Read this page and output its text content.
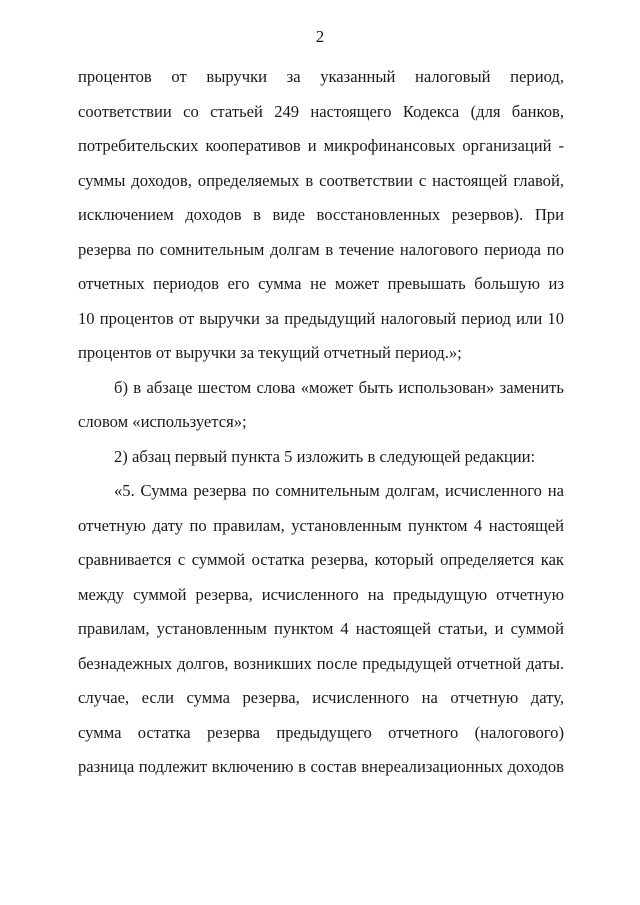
2
процентов от выручки за указанный налоговый период,
соответствии со статьей 249 настоящего Кодекса (для банков,
потребительских кооперативов и микрофинансовых организаций -
суммы доходов, определяемых в соответствии с настоящей главой,
исключением доходов в виде восстановленных резервов). При
резерва по сомнительным долгам в течение налогового периода по
отчетных периодов его сумма не может превышать большую из
10 процентов от выручки за предыдущий налоговый период или 10
процентов от выручки за текущий отчетный период.»;
б) в абзаце шестом слова «может быть использован» заменить
словом «используется»;
2) абзац первый пункта 5 изложить в следующей редакции:
«5. Сумма резерва по сомнительным долгам, исчисленного на
отчетную дату по правилам, установленным пунктом 4 настоящей
сравнивается с суммой остатка резерва, который определяется как
между суммой резерва, исчисленного на предыдущую отчетную
правилам, установленным пунктом 4 настоящей статьи, и суммой
безнадежных долгов, возникших после предыдущей отчетной даты.
случае, если сумма резерва, исчисленного на отчетную дату,
сумма остатка резерва предыдущего отчетного (налогового)
разница подлежит включению в состав внереализационных доходов
